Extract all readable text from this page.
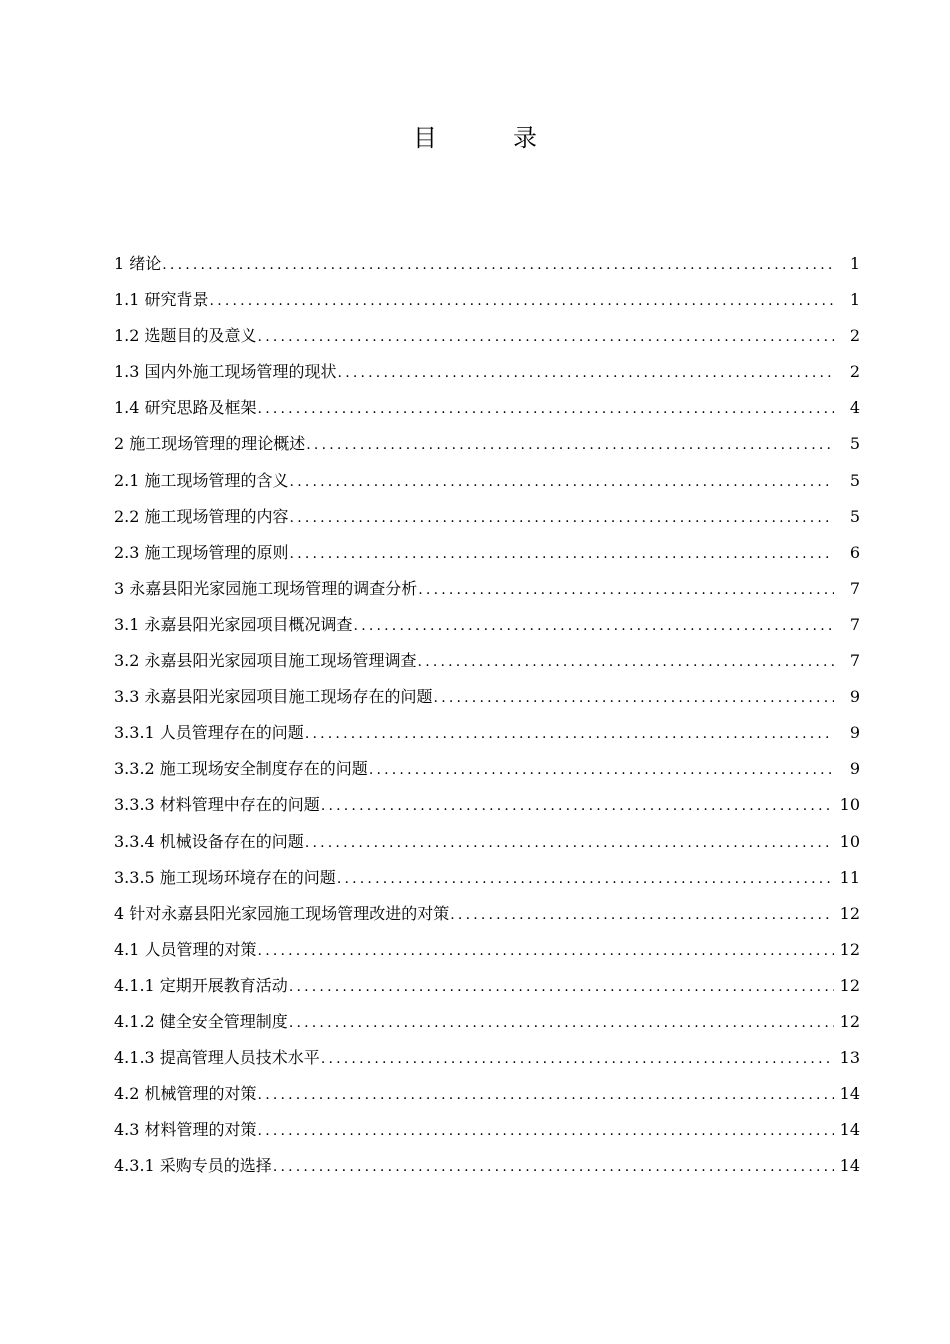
目　录
1 绪论 .....	1
1.1 研究背景 .....	1
1.2 选题目的及意义 .....	2
1.3 国内外施工现场管理的现状 .....	2
1.4 研究思路及框架 .....	4
2 施工现场管理的理论概述 .....	5
2.1 施工现场管理的含义 .....	5
2.2 施工现场管理的内容 .....	5
2.3 施工现场管理的原则 .....	6
3 永嘉县阳光家园施工现场管理的调查分析 .....	7
3.1 永嘉县阳光家园项目概况调查 .....	7
3.2 永嘉县阳光家园项目施工现场管理调查 .....	7
3.3 永嘉县阳光家园项目施工现场存在的问题 .....	9
3.3.1 人员管理存在的问题 .....	9
3.3.2 施工现场安全制度存在的问题 .....	9
3.3.3 材料管理中存在的问题 .....	10
3.3.4 机械设备存在的问题 .....	10
3.3.5 施工现场环境存在的问题 .....	11
4 针对永嘉县阳光家园施工现场管理改进的对策 .....	12
4.1 人员管理的对策 .....	12
4.1.1 定期开展教育活动 .....	12
4.1.2 健全安全管理制度 .....	12
4.1.3 提高管理人员技术水平 .....	13
4.2 机械管理的对策 .....	14
4.3 材料管理的对策 .....	14
4.3.1 采购专员的选择 .....	14
